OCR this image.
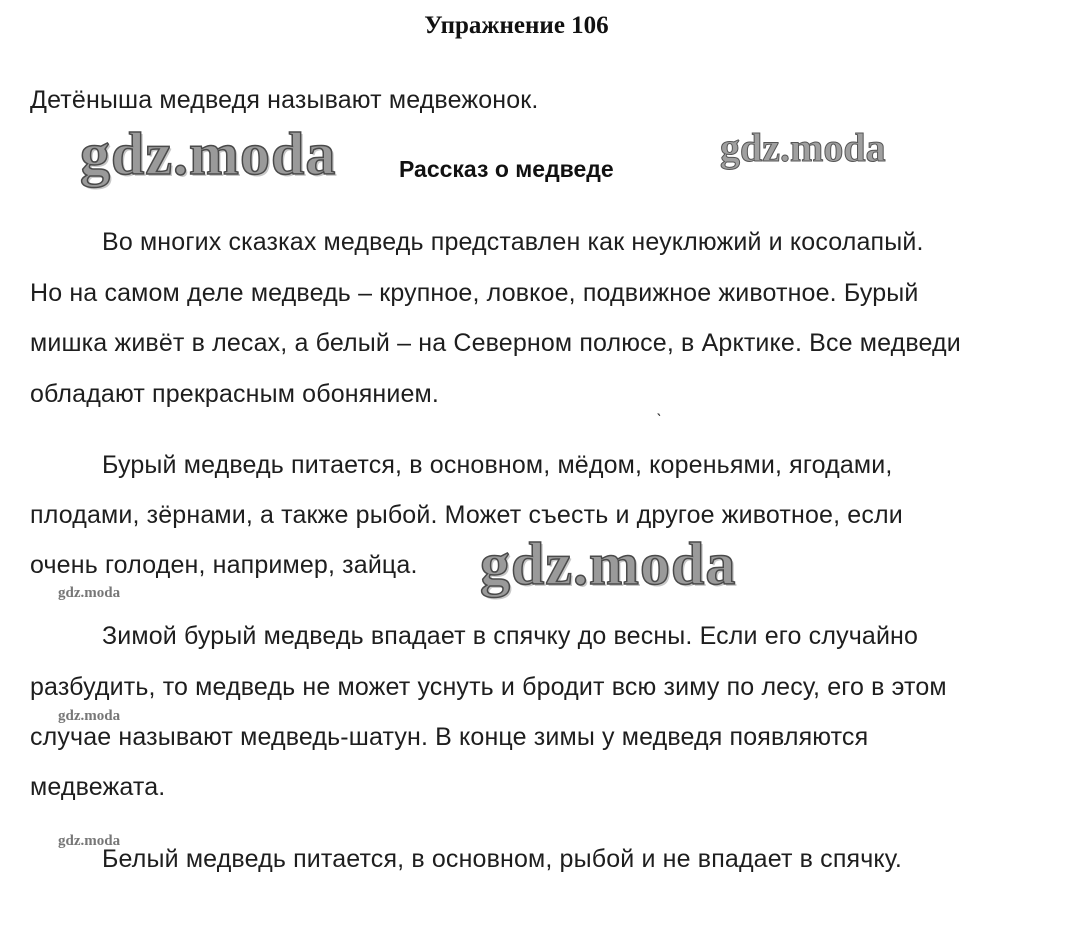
Упражнение 106
Детёныша медведя называют медвежонок.
gdz.moda	Рассказ о медведе	gdz.moda
Во многих сказках медведь представлен как неуклюжий и косолапый.
Но на самом деле медведь – крупное, ловкое, подвижное животное. Бурый
мишка живёт в лесах, а белый – на Северном полюсе, в Арктике. Все медведи
обладают прекрасным обонянием.
ˋ
Бурый медведь питается, в основном, мёдом, кореньями, ягодами,
плодами, зёрнами, а также рыбой. Может съесть и другое животное, если
очень голоден, например, зайца. gdz.moda
gdz.moda
Зимой бурый медведь впадает в спячку до весны. Если его случайно
разбудить, то медведь не может уснуть и бродит всю зиму по лесу, его в этом
gdz.moda
случае называют медведь-шатун. В конце зимы у медведя появляются
медвежата.
gdz.moda
Белый медведь питается, в основном, рыбой и не впадает в спячку.
